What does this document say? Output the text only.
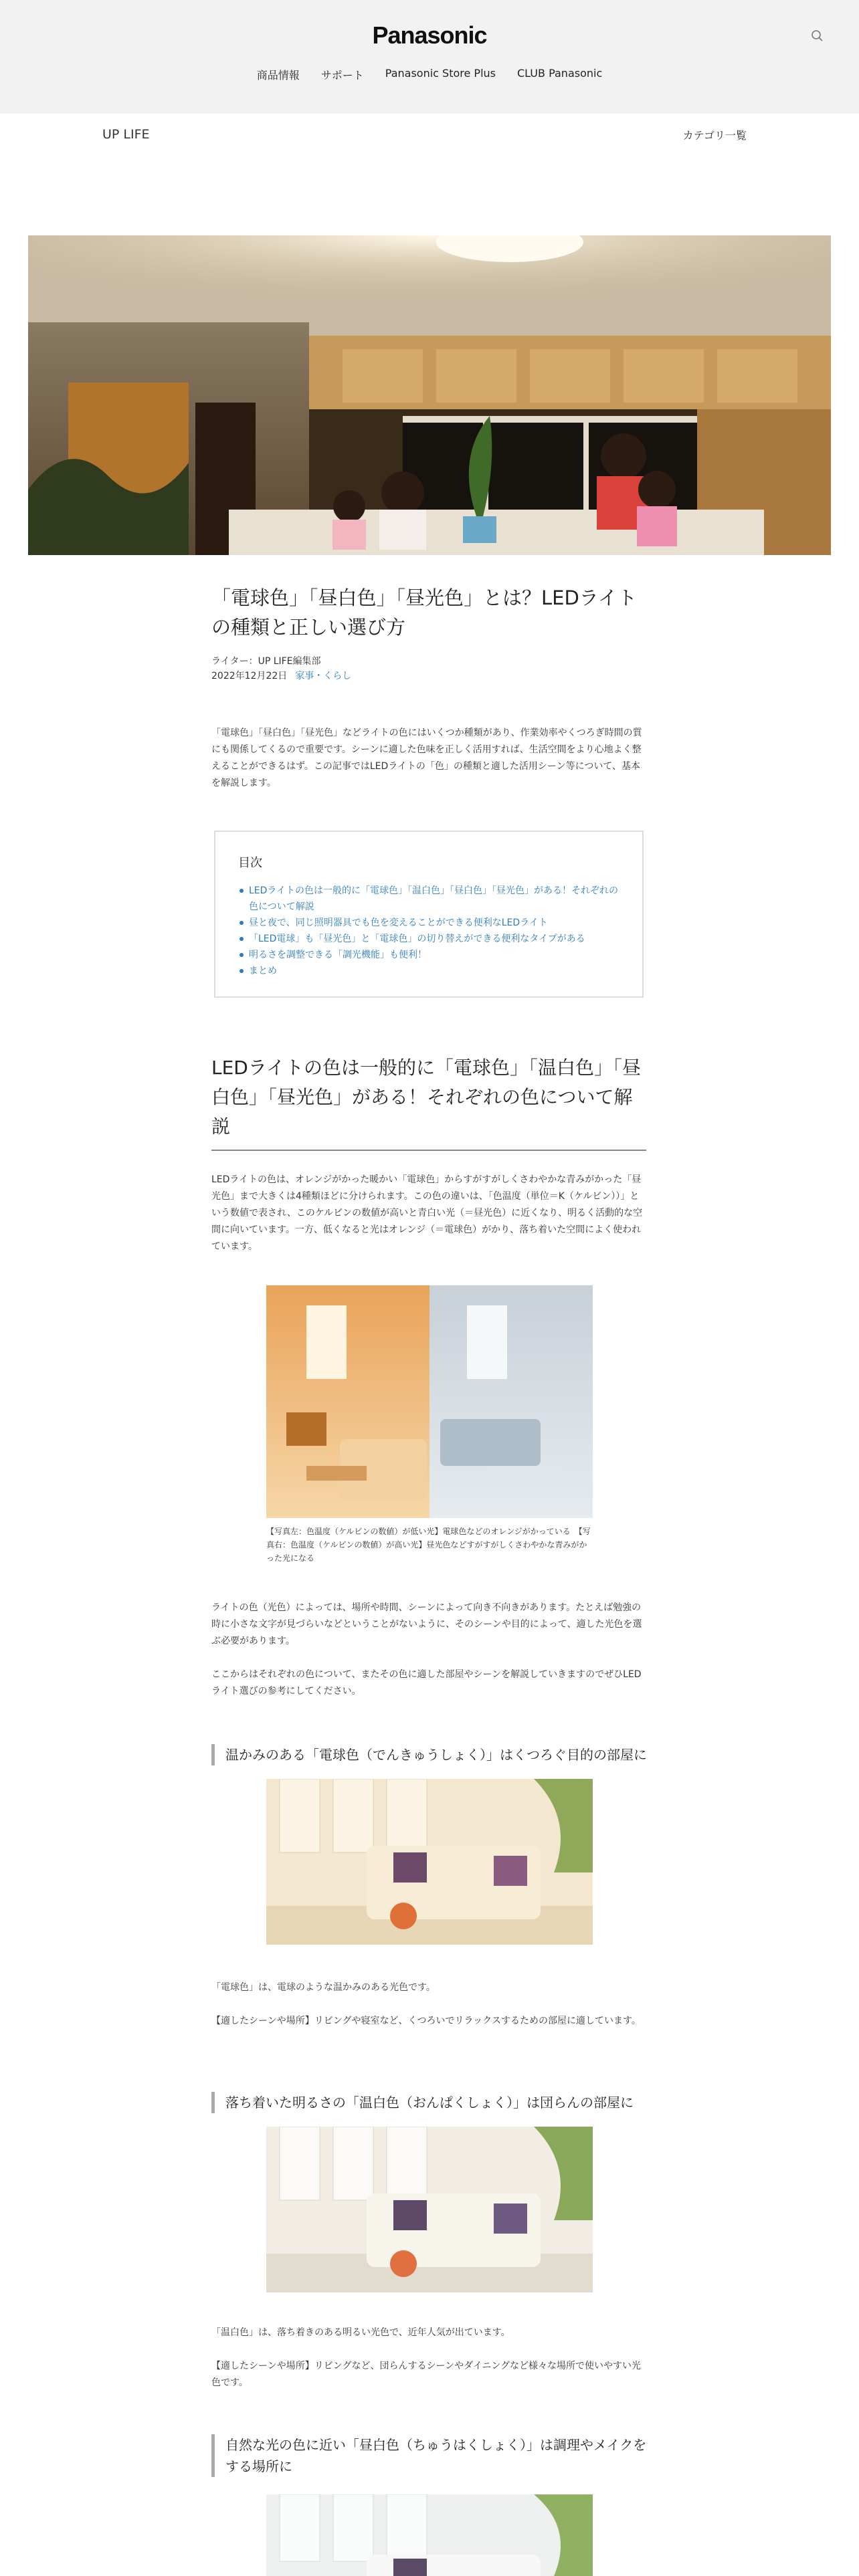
Panasonic
商品情報 サポート Panasonic Store Plus CLUB Panasonic
UP LIFE	カテゴリ一覧
「電球色」「昼白色」「昼光色」とは？LEDライトの種類と正しい選び方
ライター：UP LIFE編集部
2022年12月22日 家事・くらし

「電球色」「昼白色」「昼光色」などライトの色にはいくつか種類があり、作業効率やくつろぎ時間の質にも関係してくるので重要です。シーンに適した色味を正しく活用すれば、生活空間をより心地よく整えることができるはず。この記事ではLEDライトの「色」の種類と適した活用シーン等について、基本を解説します。

目次
LEDライトの色は一般的に「電球色」「温白色」「昼白色」「昼光色」がある！それぞれの色について解説
昼と夜で、同じ照明器具でも色を変えることができる便利なLEDライト
「LED電球」も「昼光色」と「電球色」の切り替えができる便利なタイプがある
明るさを調整できる「調光機能」も便利！
まとめ
LEDライトの色は一般的に「電球色」「温白色」「昼白色」「昼光色」がある！それぞれの色について解説

LEDライトの色は、オレンジがかった暖かい「電球色」からすがすがしくさわやかな青みがかった「昼光色」まで大きくは4種類ほどに分けられます。この色の違いは、「色温度（単位＝K（ケルビン））」という数値で表され、このケルビンの数値が高いと青白い光（＝昼光色）に近くなり、明るく活動的な空間に向いています。一方、低くなると光はオレンジ（＝電球色）がかり、落ち着いた空間によく使われています。

【写真左：色温度（ケルビンの数値）が低い光】電球色などのオレンジがかっている　【写真右：色温度（ケルビンの数値）が高い光】昼光色などすがすがしくさわやかな青みがかった光になる

ライトの色（光色）によっては、場所や時間、シーンによって向き不向きがあります。たとえば勉強の時に小さな文字が見づらいなどということがないように、そのシーンや目的によって、適した光色を選ぶ必要があります。

ここからはそれぞれの色について、またその色に適した部屋やシーンを解説していきますのでぜひLEDライト選びの参考にしてください。

温かみのある「電球色（でんきゅうしょく）」はくつろぐ目的の部屋に

「電球色」は、電球のような温かみのある光色です。

【適したシーンや場所】リビングや寝室など、くつろいでリラックスするための部屋に適しています。

落ち着いた明るさの「温白色（おんぱくしょく）」は団らんの部屋に

「温白色」は、落ち着きのある明るい光色で、近年人気が出ています。

【適したシーンや場所】リビングなど、団らんするシーンやダイニングなど様々な場所で使いやすい光色です。

自然な光の色に近い「昼白色（ちゅうはくしょく）」は調理やメイクをする場所に
